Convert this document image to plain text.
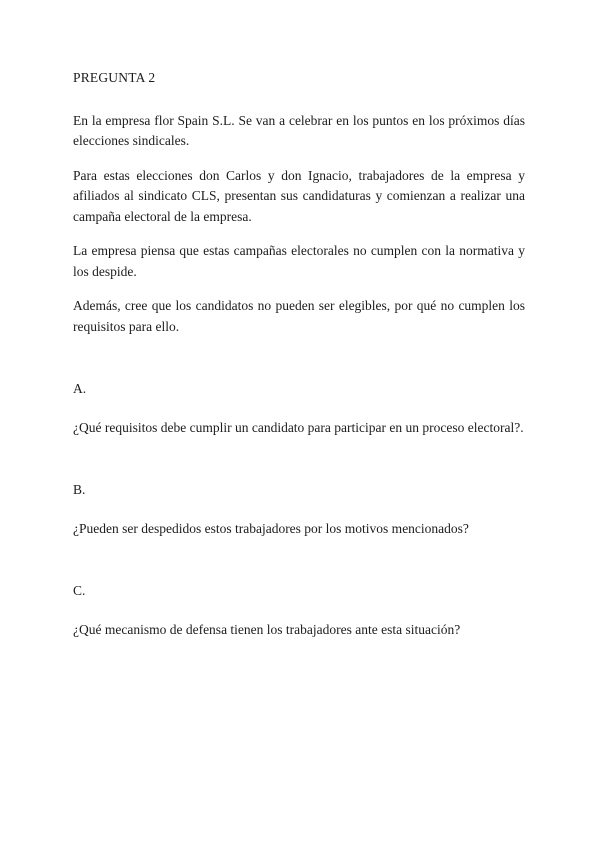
PREGUNTA 2

En la empresa flor Spain S.L. Se van a celebrar en los puntos en los próximos días elecciones sindicales.

Para estas elecciones don Carlos y don Ignacio, trabajadores de la empresa y afiliados al sindicato CLS, presentan sus candidaturas y comienzan a realizar una campaña electoral de la empresa.

La empresa piensa que estas campañas electorales no cumplen con la normativa y los despide.

Además, cree que los candidatos no pueden ser elegibles, por qué no cumplen los requisitos para ello.

A.

¿Qué requisitos debe cumplir un candidato para participar en un proceso electoral?.

B.

¿Pueden ser despedidos estos trabajadores por los motivos mencionados?

C.

¿Qué mecanismo de defensa tienen los trabajadores ante esta situación?
